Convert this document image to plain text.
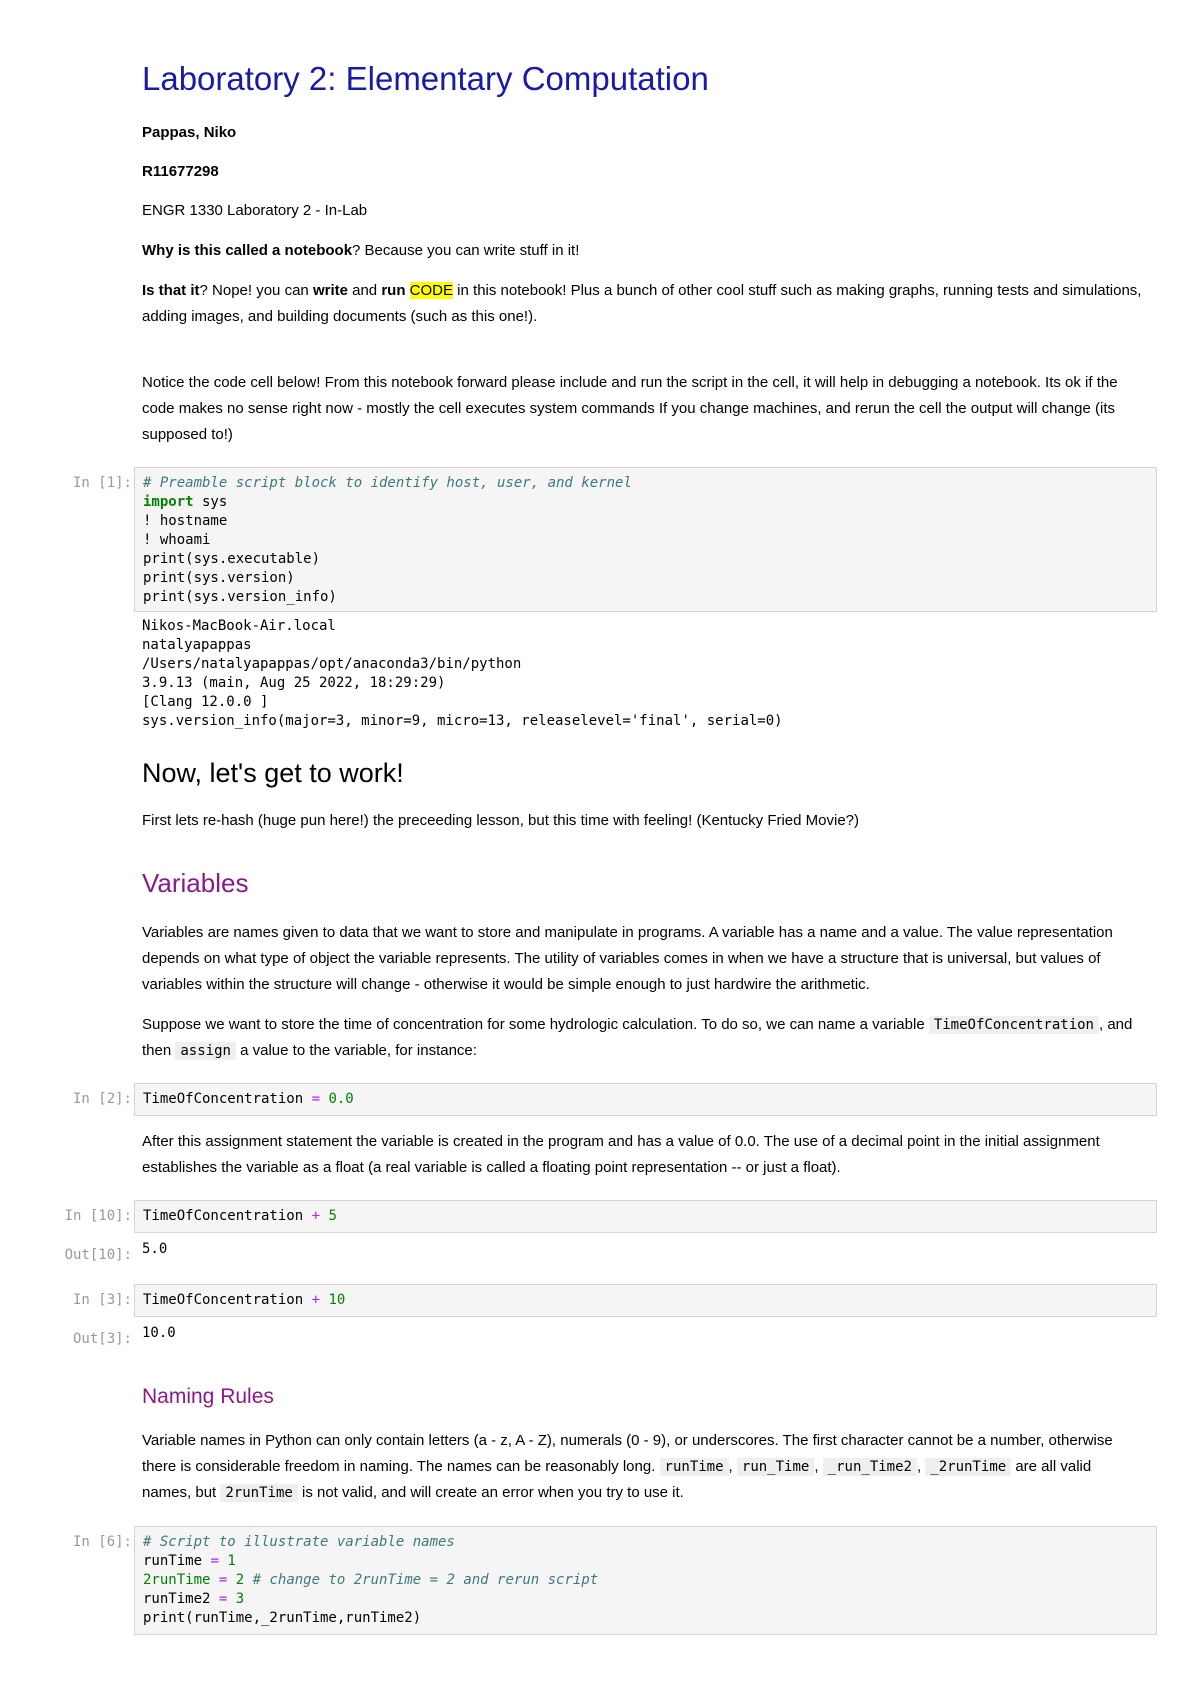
Laboratory 2: Elementary Computation

Pappas, Niko

R11677298

ENGR 1330 Laboratory 2 - In-Lab

Why is this called a notebook? Because you can write stuff in it!

Is that it? Nope! you can write and run CODE in this notebook! Plus a bunch of other cool stuff such as making graphs, running tests and simulations, adding images, and building documents (such as this one!).

Notice the code cell below! From this notebook forward please include and run the script in the cell, it will help in debugging a notebook. Its ok if the code makes no sense right now - mostly the cell executes system commands If you change machines, and rerun the cell the output will change (its supposed to!)

In [1]: # Preamble script block to identify host, user, and kernel
import sys
! hostname
! whoami
print(sys.executable)
print(sys.version)
print(sys.version_info)
Nikos-MacBook-Air.local
natalyapappas
/Users/natalyapappas/opt/anaconda3/bin/python
3.9.13 (main, Aug 25 2022, 18:29:29)
[Clang 12.0.0 ]
sys.version_info(major=3, minor=9, micro=13, releaselevel='final', serial=0)
Now, let's get to work!

First lets re-hash (huge pun here!) the preceeding lesson, but this time with feeling! (Kentucky Fried Movie?)

Variables

Variables are names given to data that we want to store and manipulate in programs. A variable has a name and a value. The value representation depends on what type of object the variable represents. The utility of variables comes in when we have a structure that is universal, but values of variables within the structure will change - otherwise it would be simple enough to just hardwire the arithmetic.

Suppose we want to store the time of concentration for some hydrologic calculation. To do so, we can name a variable TimeOfConcentration , and then assign a value to the variable, for instance:

In [2]: TimeOfConcentration = 0.0

After this assignment statement the variable is created in the program and has a value of 0.0. The use of a decimal point in the initial assignment establishes the variable as a float (a real variable is called a floating point representation -- or just a float).

In [10]: TimeOfConcentration + 5
Out[10]: 5.0
In [3]: TimeOfConcentration + 10
Out[3]: 10.0
Naming Rules

Variable names in Python can only contain letters (a - z, A - Z), numerals (0 - 9), or underscores. The first character cannot be a number, otherwise there is considerable freedom in naming. The names can be reasonably long. runTime , run_Time , _run_Time2 , _2runTime are all valid names, but 2runTime is not valid, and will create an error when you try to use it.

In [6]: # Script to illustrate variable names
runTime = 1
2runTime = 2 # change to 2runTime = 2 and rerun script
runTime2 = 3
print(runTime,_2runTime,runTime2)
